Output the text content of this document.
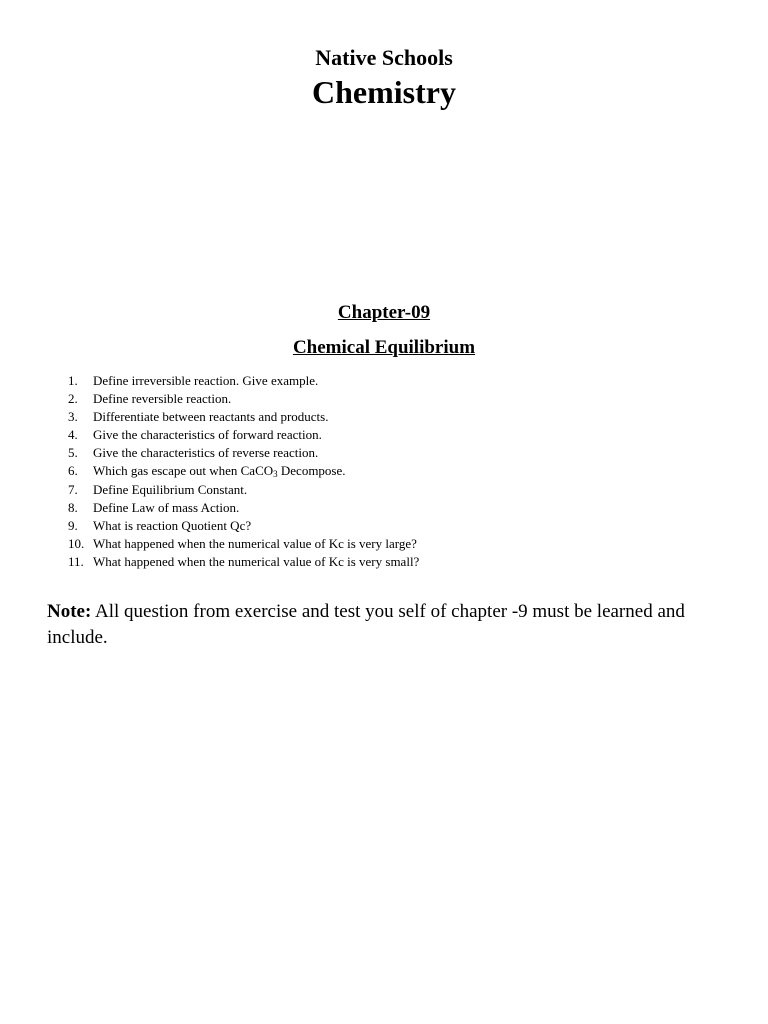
Native Schools
Chemistry
Chapter-09
Chemical Equilibrium
1.	Define irreversible reaction. Give example.
2.	Define reversible reaction.
3.	Differentiate between reactants and products.
4.	Give the characteristics of forward reaction.
5.	Give the characteristics of reverse reaction.
6.	Which gas escape out when CaCO$_3$ Decompose.
7.	Define Equilibrium Constant.
8.	Define Law of mass Action.
9.	What is reaction Quotient Qc?
10. What happened when the numerical value of Kc is very large?
11. What happened when the numerical value of Kc is very small?
Note: All question from exercise and test you self of chapter -9 must be learned and include.
